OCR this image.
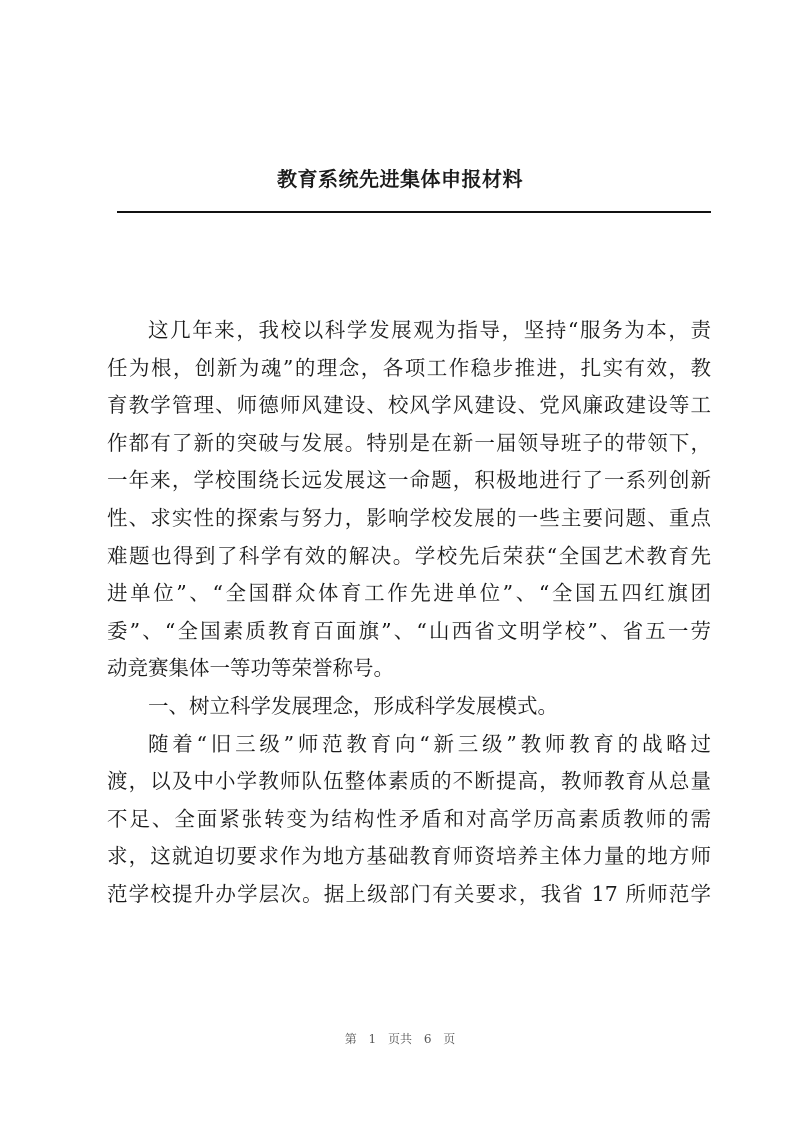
教育系统先进集体申报材料
这几年来，我校以科学发展观为指导，坚持“服务为本，责
任为根，创新为魂”的理念，各项工作稳步推进，扎实有效，教
育教学管理、师德师风建设、校风学风建设、党风廉政建设等工
作都有了新的突破与发展。特别是在新一届领导班子的带领下，
一年来，学校围绕长远发展这一命题，积极地进行了一系列创新
性、求实性的探索与努力，影响学校发展的一些主要问题、重点
难题也得到了科学有效的解决。学校先后荣获“全国艺术教育先
进单位”、“全国群众体育工作先进单位”、“全国五四红旗团
委”、“全国素质教育百面旗”、“山西省文明学校”、省五一劳
动竞赛集体一等功等荣誉称号。
一、树立科学发展理念，形成科学发展模式。
随着“旧三级”师范教育向“新三级”教师教育的战略过
渡，以及中小学教师队伍整体素质的不断提高，教师教育从总量
不足、全面紧张转变为结构性矛盾和对高学历高素质教师的需
求，这就迫切要求作为地方基础教育师资培养主体力量的地方师
范学校提升办学层次。据上级部门有关要求，我省 17 所师范学
第 1 页共 6 页
